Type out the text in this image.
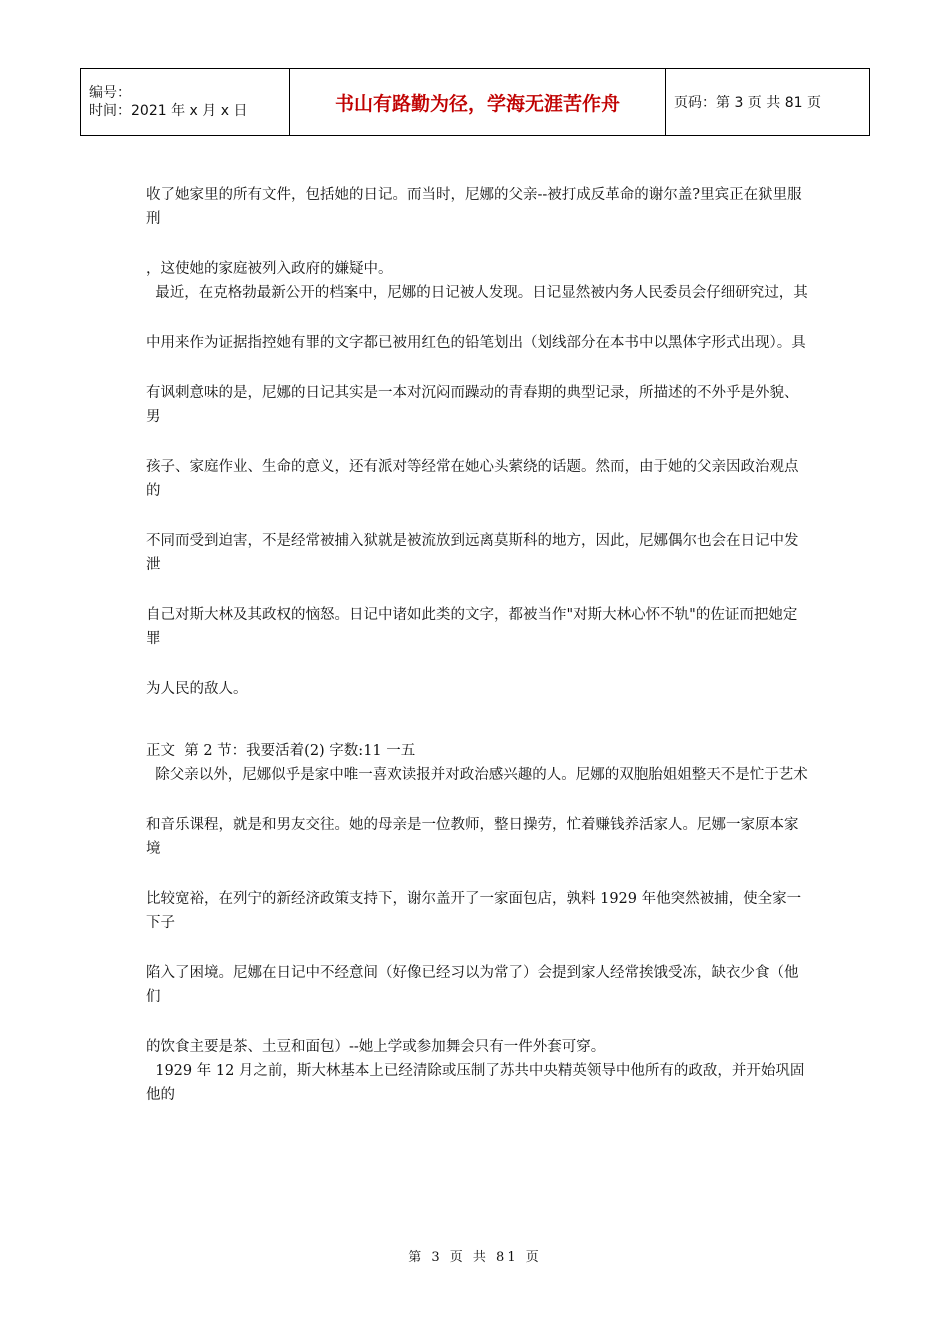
编号：
时间：2021 年 x 月 x 日	书山有路勤为径，学海无涯苦作舟	页码：第 3 页 共 81 页

收了她家里的所有文件，包括她的日记。而当时，尼娜的父亲--被打成反革命的谢尔盖?里宾正在狱里服刑

，这使她的家庭被列入政府的嫌疑中。

最近，在克格勃最新公开的档案中，尼娜的日记被人发现。日记显然被内务人民委员会仔细研究过，其

中用来作为证据指控她有罪的文字都已被用红色的铅笔划出（划线部分在本书中以黑体字形式出现）。具

有讽刺意味的是，尼娜的日记其实是一本对沉闷而躁动的青春期的典型记录，所描述的不外乎是外貌、男

孩子、家庭作业、生命的意义，还有派对等经常在她心头萦绕的话题。然而，由于她的父亲因政治观点的

不同而受到迫害，不是经常被捕入狱就是被流放到远离莫斯科的地方，因此，尼娜偶尔也会在日记中发泄

自己对斯大林及其政权的恼怒。日记中诸如此类的文字，都被当作"对斯大林心怀不轨"的佐证而把她定罪

为人民的敌人。

正文  第 2 节：我要活着(2) 字数:11 一五

除父亲以外，尼娜似乎是家中唯一喜欢读报并对政治感兴趣的人。尼娜的双胞胎姐姐整天不是忙于艺术

和音乐课程，就是和男友交往。她的母亲是一位教师，整日操劳，忙着赚钱养活家人。尼娜一家原本家境

比较宽裕，在列宁的新经济政策支持下，谢尔盖开了一家面包店，孰料 1929 年他突然被捕，使全家一下子

陷入了困境。尼娜在日记中不经意间（好像已经习以为常了）会提到家人经常挨饿受冻，缺衣少食（他们

的饮食主要是茶、土豆和面包）--她上学或参加舞会只有一件外套可穿。

1929 年 12 月之前，斯大林基本上已经清除或压制了苏共中央精英领导中他所有的政敌，并开始巩固他的

第 3 页 共 81 页
